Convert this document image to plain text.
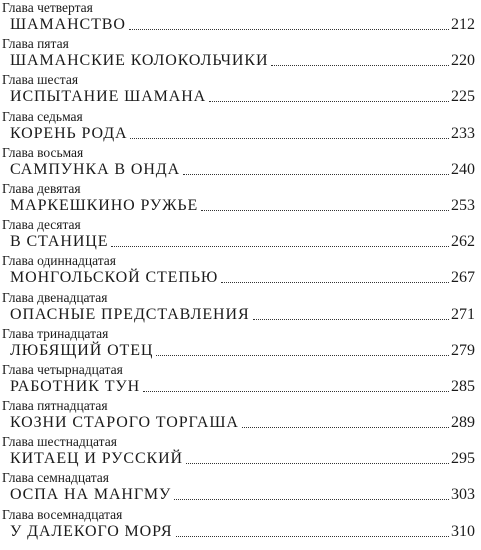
Глава четвертая
ШАМАНСТВО	212
Глава пятая
ШАМАНСКИЕ КОЛОКОЛЬЧИКИ	220
Глава шестая
ИСПЫТАНИЕ ШАМАНА	225
Глава седьмая
КОРЕНЬ РОДА	233
Глава восьмая
САМПУНКА В ОНДА	240
Глава девятая
МАРКЕШКИНО РУЖЬЕ	253
Глава десятая
В СТАНИЦЕ	262
Глава одиннадцатая
МОНГОЛЬСКОЙ СТЕПЬЮ	267
Глава двенадцатая
ОПАСНЫЕ ПРЕДСТАВЛЕНИЯ	271
Глава тринадцатая
ЛЮБЯЩИЙ ОТЕЦ	279
Глава четырнадцатая
РАБОТНИК ТУН	285
Глава пятнадцатая
КОЗНИ СТАРОГО ТОРГАША	289
Глава шестнадцатая
КИТАЕЦ И РУССКИЙ	295
Глава семнадцатая
ОСПА НА МАНГМУ	303
Глава восемнадцатая
У ДАЛЕКОГО МОРЯ	310
